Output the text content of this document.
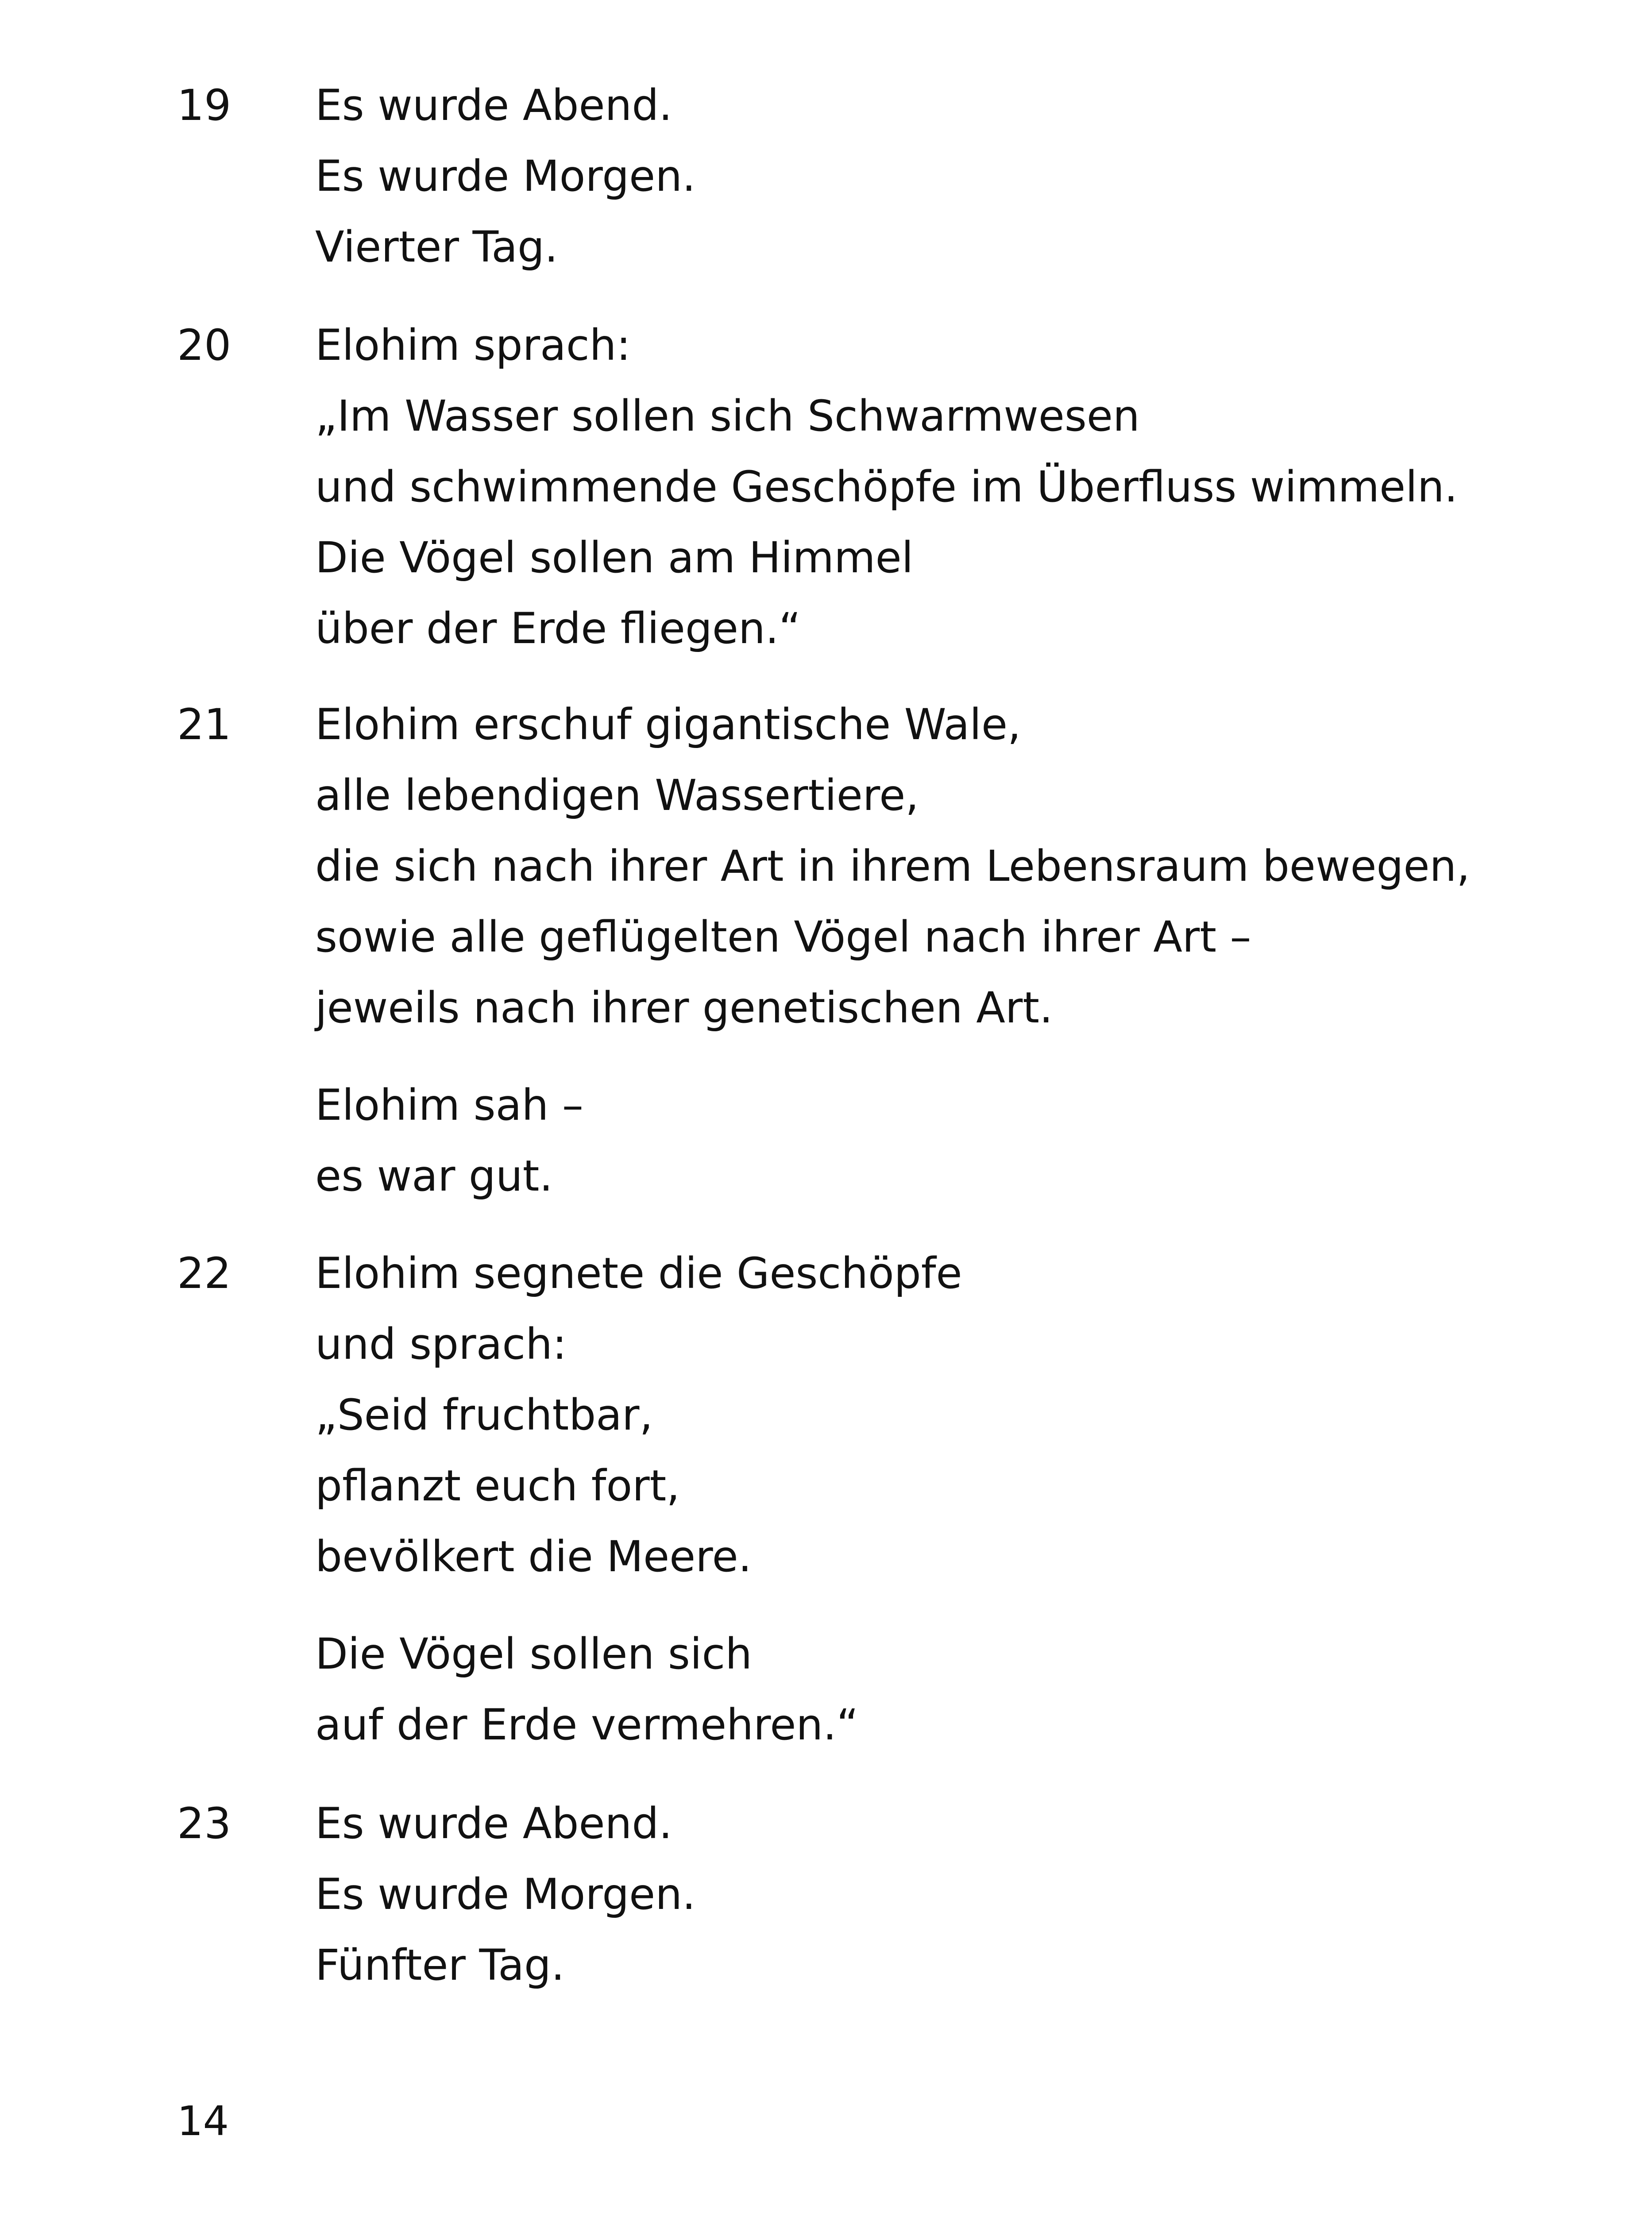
19 Es wurde Abend.
Es wurde Morgen.
Vierter Tag.
20 Elohim sprach:
„Im Wasser sollen sich Schwarmwesen
und schwimmende Geschöpfe im Überfluss wimmeln.
Die Vögel sollen am Himmel
über der Erde fliegen.“
21 Elohim erschuf gigantische Wale,
alle lebendigen Wassertiere,
die sich nach ihrer Art in ihrem Lebensraum bewegen,
sowie alle geflügelten Vögel nach ihrer Art –
jeweils nach ihrer genetischen Art.
Elohim sah –
es war gut.
22 Elohim segnete die Geschöpfe
und sprach:
„Seid fruchtbar,
pflanzt euch fort,
bevölkert die Meere.
Die Vögel sollen sich
auf der Erde vermehren.“
23 Es wurde Abend.
Es wurde Morgen.
Fünfter Tag.
14
